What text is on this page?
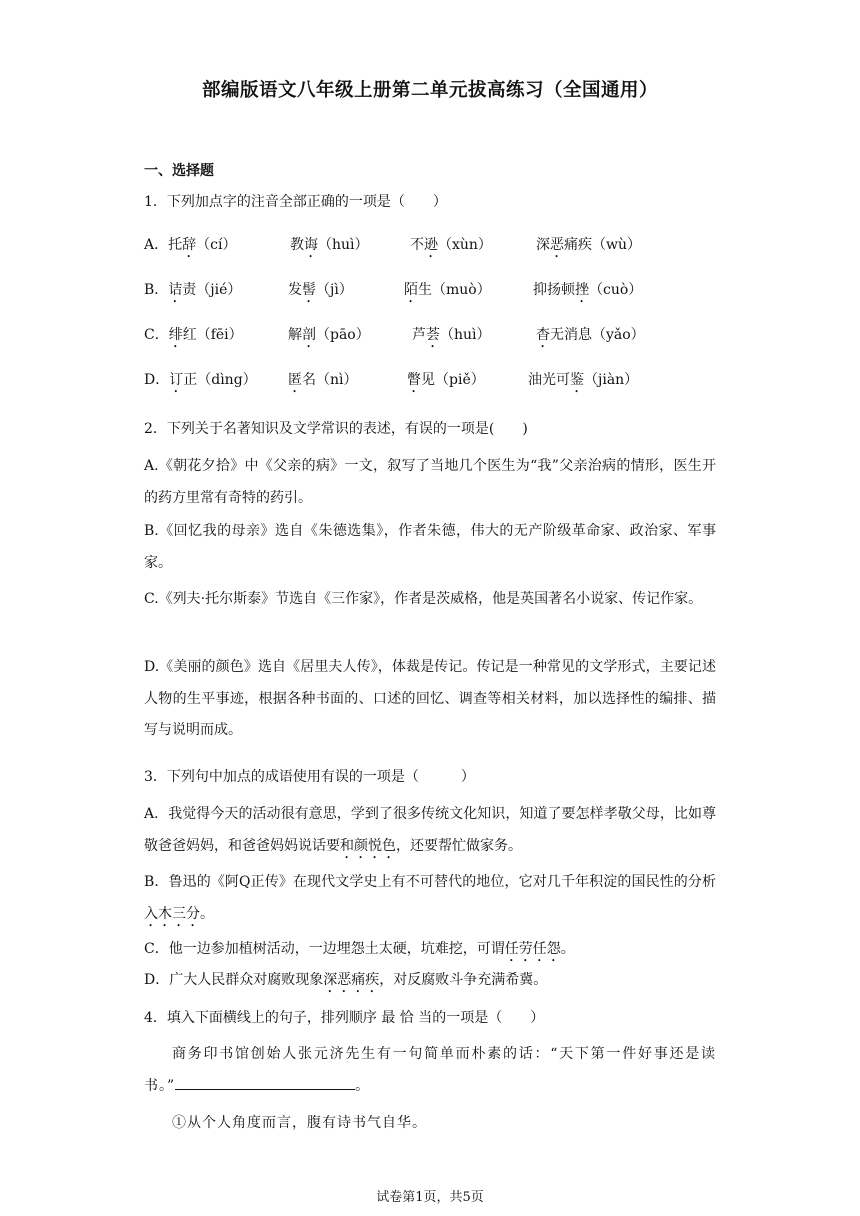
部编版语文八年级上册第二单元拔高练习（全国通用）
一、选择题
1．下列加点字的注音全部正确的一项是（　　）
A．托辞（cí）	教诲（huì）	不逊（xùn）	深恶痛疾（wù）
B．诘责（jié）	发髻（jì）	陌生（muò）	抑扬顿挫（cuò）
C．绯红（fēi）	解剖（pāo）	芦荟（huì）	杳无消息（yǎo）
D．订正（dìng） 匿名（nì）	瞥见（piě）	油光可鉴（jiàn）
2．下列关于名著知识及文学常识的表述，有误的一项是(　　)
A.《朝花夕拾》中《父亲的病》一文，叙写了当地几个医生为“我”父亲治病的情形，医生开的药方里常有奇特的药引。
B.《回忆我的母亲》选自《朱德选集》，作者朱德，伟大的无产阶级革命家、政治家、军事家。
C.《列夫·托尔斯泰》节选自《三作家》，作者是茨威格，他是英国著名小说家、传记作家。
D.《美丽的颜色》选自《居里夫人传》，体裁是传记。传记是一种常见的文学形式，主要记述人物的生平事迹，根据各种书面的、口述的回忆、调查等相关材料，加以选择性的编排、描写与说明而成。
3．下列句中加点的成语使用有误的一项是（　　　）
A．我觉得今天的活动很有意思，学到了很多传统文化知识，知道了要怎样孝敬父母，比如尊敬爸爸妈妈，和爸爸妈妈说话要和颜悦色，还要帮忙做家务。
B．鲁迅的《阿Q正传》在现代文学史上有不可替代的地位，它对几千年积淀的国民性的分析入木三分。
C．他一边参加植树活动，一边埋怨土太硬，坑难挖，可谓任劳任怨。
D．广大人民群众对腐败现象深恶痛疾，对反腐败斗争充满希冀。
4．填入下面横线上的句子，排列顺序 最 恰 当的一项是（　　）
商务印书馆创始人张元济先生有一句简单而朴素的话：“天下第一件好事还是读书。”	。
①从个人角度而言，腹有诗书气自华。
试卷第1页，共5页
